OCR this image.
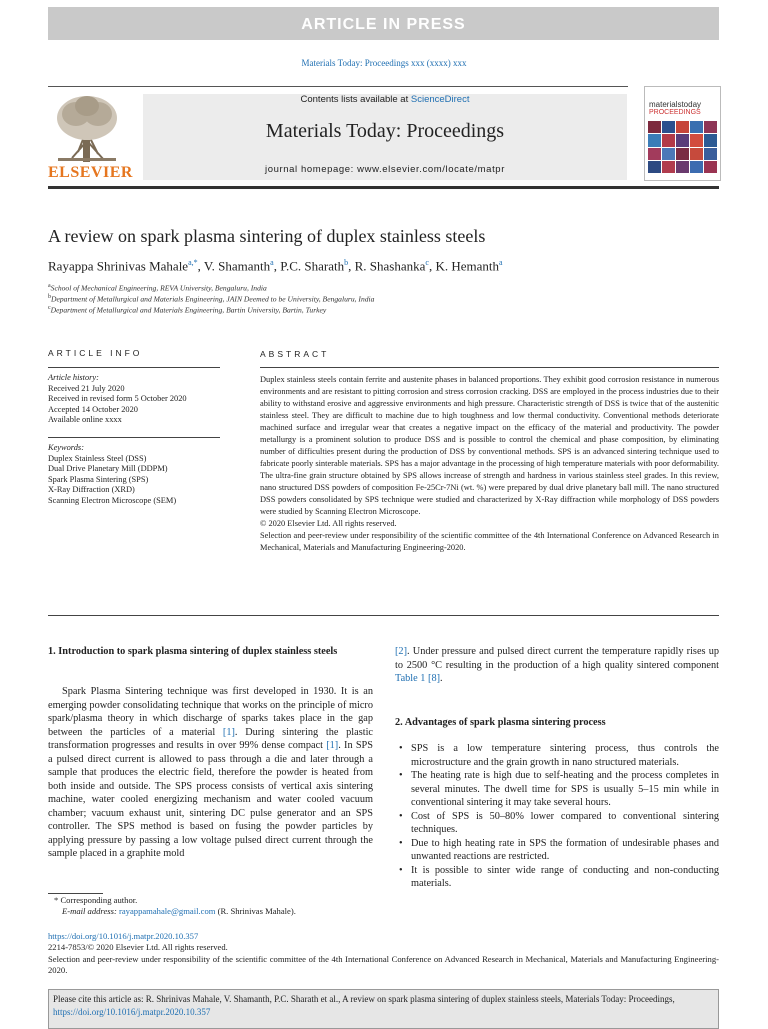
ARTICLE IN PRESS
Materials Today: Proceedings xxx (xxxx) xxx
ELSEVIER
Contents lists available at ScienceDirect
Materials Today: Proceedings
journal homepage: www.elsevier.com/locate/matpr
materialstoday
PROCEEDINGS
A review on spark plasma sintering of duplex stainless steels
Rayappa Shrinivas Mahale$^{a,*}$, V. Shamanth$^a$, P.C. Sharath$^b$, R. Shashanka$^c$, K. Hemanth$^a$
$^a$School of Mechanical Engineering, REVA University, Bengaluru, India
$^b$Department of Metallurgical and Materials Engineering, JAIN Deemed to be University, Bengaluru, India
$^c$Department of Metallurgical and Materials Engineering, Bartin University, Bartin, Turkey
ARTICLE INFO
Article history:
Received 21 July 2020
Received in revised form 5 October 2020
Accepted 14 October 2020
Available online xxxx
Keywords:
Duplex Stainless Steel (DSS)
Dual Drive Planetary Mill (DDPM)
Spark Plasma Sintering (SPS)
X-Ray Diffraction (XRD)
Scanning Electron Microscope (SEM)
ABSTRACT
Duplex stainless steels contain ferrite and austenite phases in balanced proportions. They exhibit good corrosion resistance in numerous environments and are resistant to pitting corrosion and stress corrosion cracking. DSS are employed in the process industries due to their ability to withstand erosive and aggressive environments and high pressure. Characteristic strength of DSS is twice that of the austenitic stainless steel. They are difficult to machine due to high toughness and low thermal conductivity. Conventional methods deteriorate machined surface and irregular wear that creates a negative impact on the efficacy of the material and productivity. The powder metallurgy is a prominent solution to produce DSS and is possible to control the chemical and phase composition, by eliminating number of difficulties present during the production of DSS by conventional methods. SPS is an advanced sintering technique used to fabricate poorly sinterable materials. SPS has a major advantage in the processing of high temperature materials with poor deformability. The ultra-fine grain structure obtained by SPS allows increase of strength and hardness in various stainless steel grades. In this review, nano structured DSS powders of composition Fe-25Cr-7Ni (wt. %) were prepared by dual drive planetary ball mill. The nano structured DSS powders consolidated by SPS technique were studied and characterized by X-Ray diffraction while morphology of DSS powders were studied by Scanning Electron Microscope.
© 2020 Elsevier Ltd. All rights reserved.
Selection and peer-review under responsibility of the scientific committee of the 4th International Conference on Advanced Research in Mechanical, Materials and Manufacturing Engineering-2020.
1. Introduction to spark plasma sintering of duplex stainless steels
Spark Plasma Sintering technique was first developed in 1930. It is an emerging powder consolidating technique that works on the principle of micro spark/plasma theory in which discharge of sparks takes place in the gap between the particles of a material [1]. During sintering the plastic transformation progresses and results in over 99% dense compact [1]. In SPS a pulsed direct current is allowed to pass through a die and later through a sample that produces the electric field, therefore the powder is heated from both inside and outside. The SPS process consists of vertical axis sintering machine, water cooled energizing mechanism and water cooled vacuum chamber; vacuum exhaust unit, sintering DC pulse generator and an SPS controller. The SPS method is based on fusing the powder particles by applying pressure by passing a low voltage pulsed direct current through the sample placed in a graphite mold
[2]. Under pressure and pulsed direct current the temperature rapidly rises up to 2500 °C resulting in the production of a high quality sintered component Table 1 [8].
2. Advantages of spark plasma sintering process
• SPS is a low temperature sintering process, thus controls the microstructure and the grain growth in nano structured materials.
• The heating rate is high due to self-heating and the process completes in several minutes. The dwell time for SPS is usually 5–15 min while in conventional sintering it may take several hours.
• Cost of SPS is 50–80% lower compared to conventional sintering techniques.
• Due to high heating rate in SPS the formation of undesirable phases and unwanted reactions are restricted.
• It is possible to sinter wide range of conducting and non-conducting materials.
* Corresponding author.
E-mail address: rayappamahale@gmail.com (R. Shrinivas Mahale).
https://doi.org/10.1016/j.matpr.2020.10.357
2214-7853/© 2020 Elsevier Ltd. All rights reserved.
Selection and peer-review under responsibility of the scientific committee of the 4th International Conference on Advanced Research in Mechanical, Materials and Manufacturing Engineering-2020.
Please cite this article as: R. Shrinivas Mahale, V. Shamanth, P.C. Sharath et al., A review on spark plasma sintering of duplex stainless steels, Materials Today: Proceedings, https://doi.org/10.1016/j.matpr.2020.10.357
